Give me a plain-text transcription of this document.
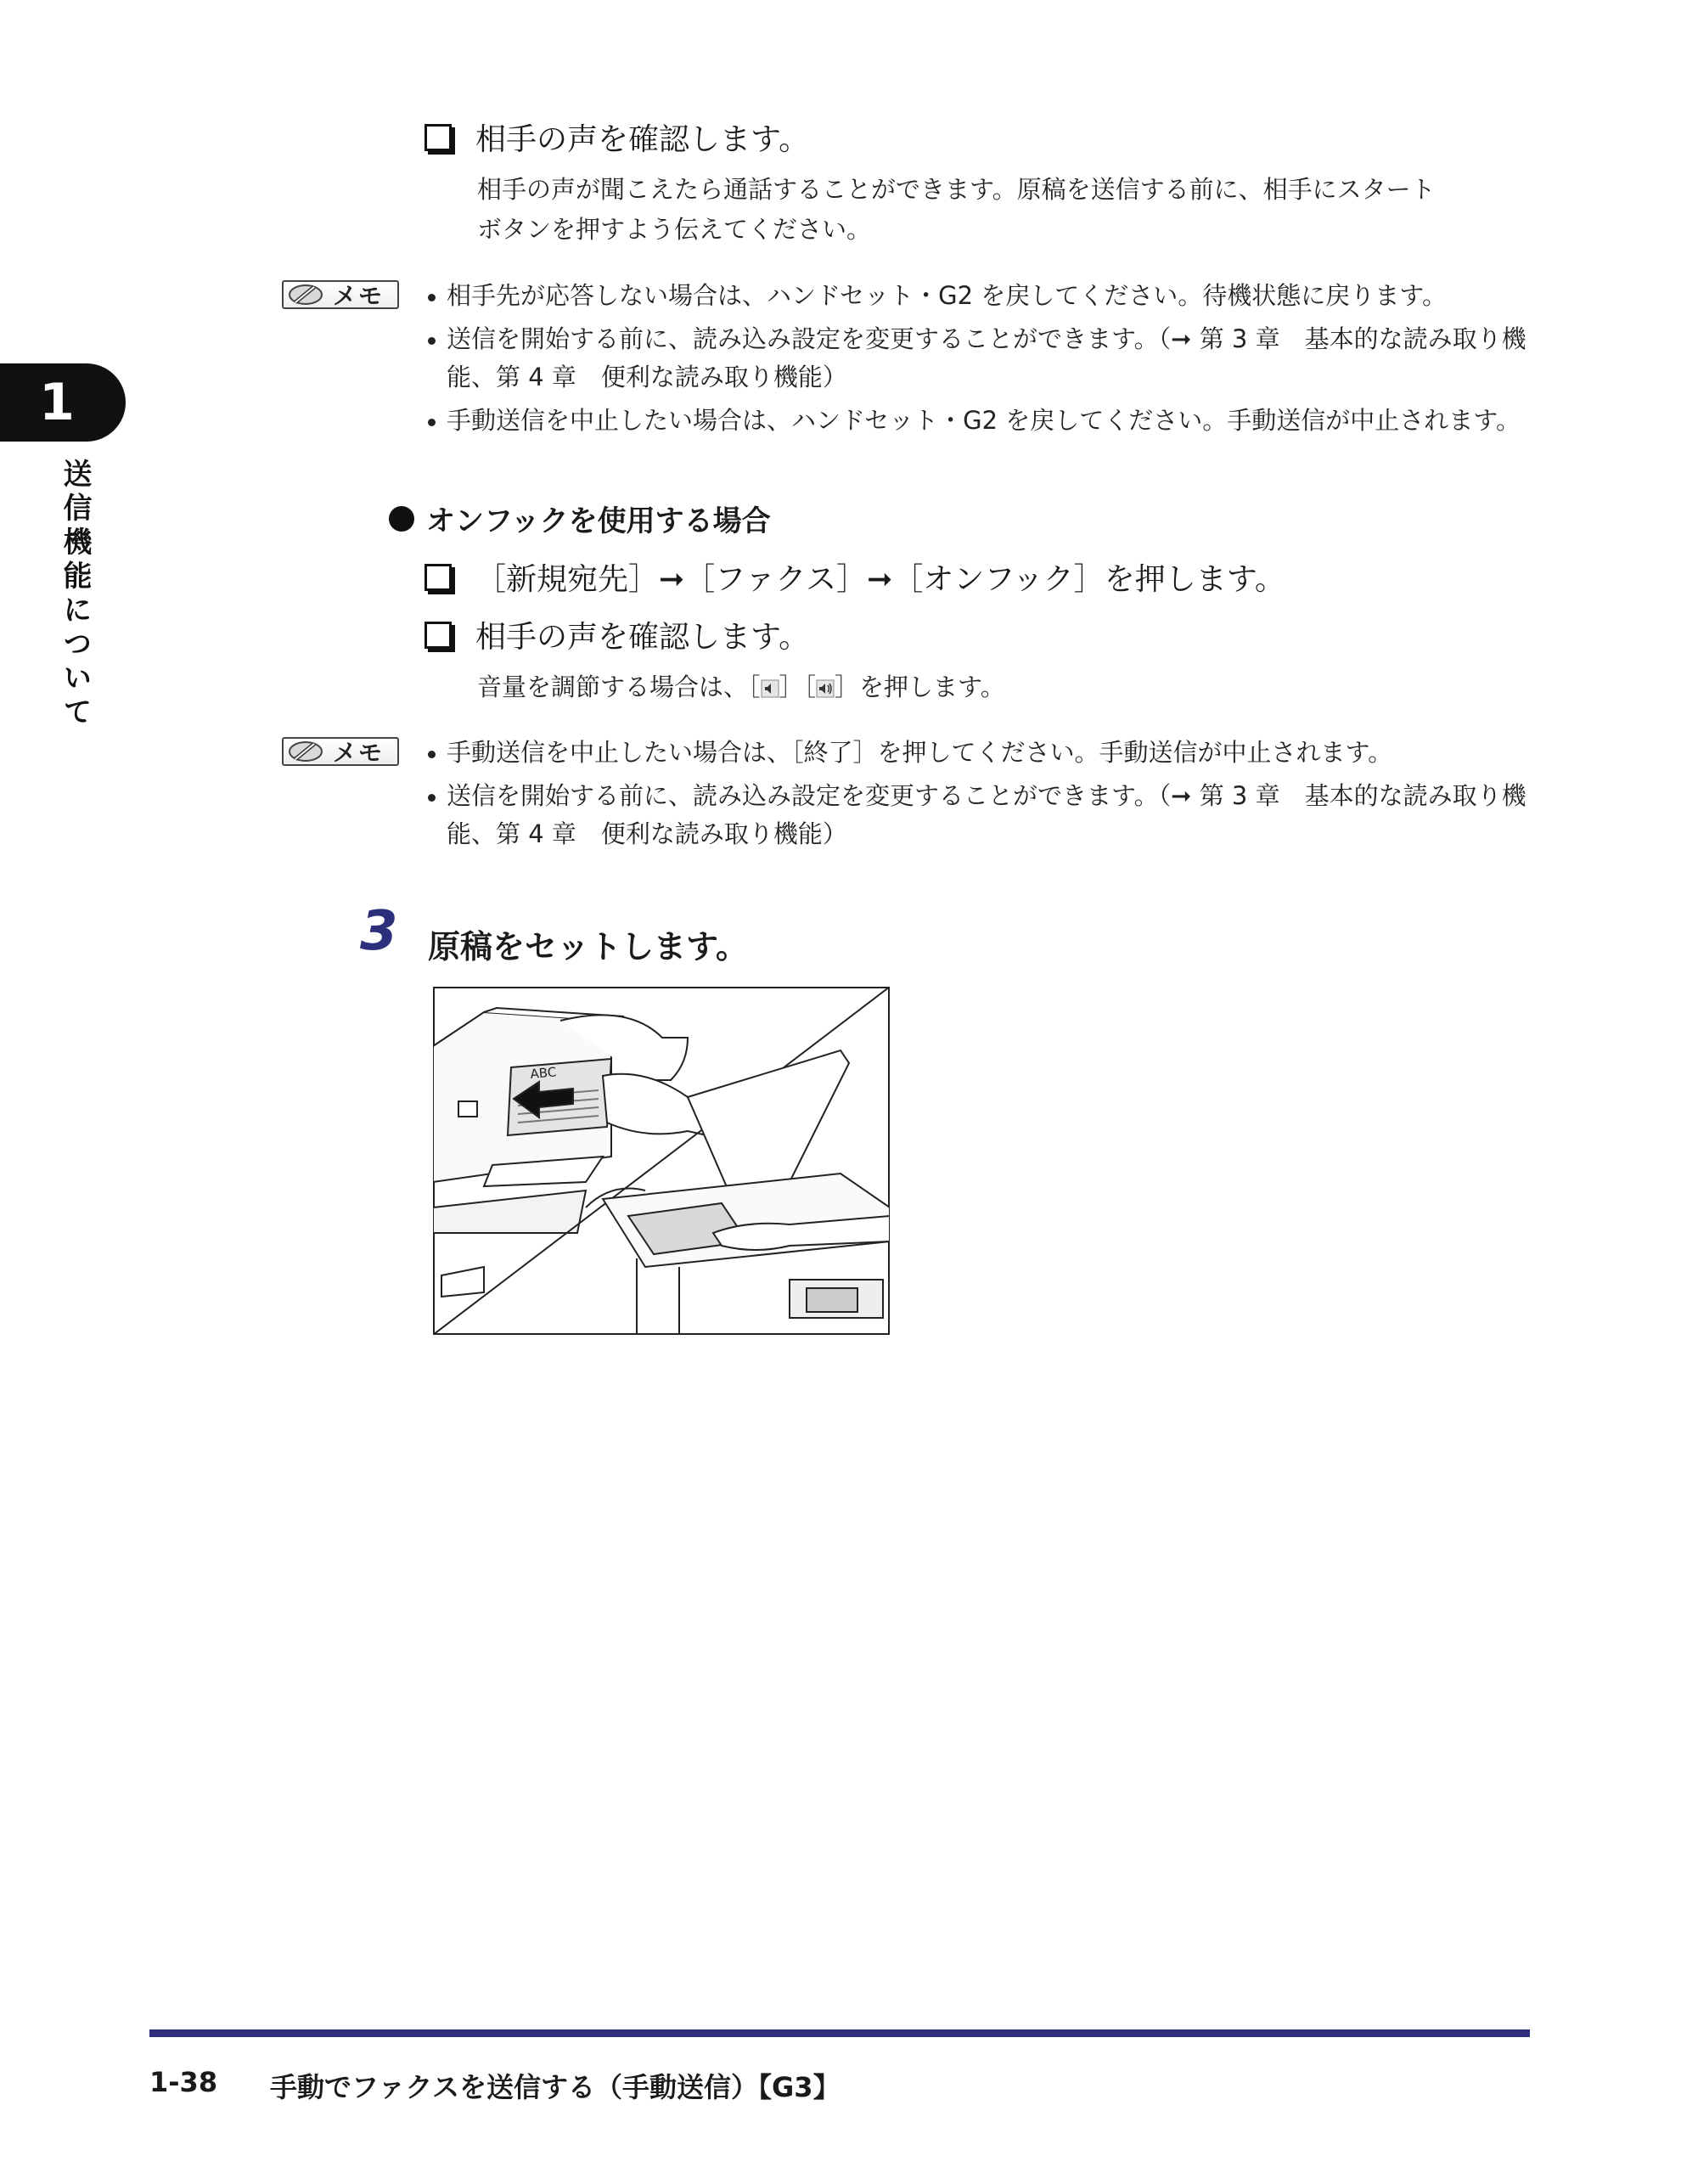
1
送信機能について
相手の声を確認します。
相手の声が聞こえたら通話することができます。原稿を送信する前に、相手にスタート
ボタンを押すよう伝えてください。
メモ	相手先が応答しない場合は、ハンドセット・G2 を戻してください。待機状態に戻ります。
送信を開始する前に、読み込み設定を変更することができます。（➞ 第 3 章　基本的な読み取り機能、第 4 章　便利な読み取り機能）
手動送信を中止したい場合は、ハンドセット・G2 を戻してください。手動送信が中止されます。
オンフックを使用する場合
［新規宛先］➞［ファクス］➞［オンフック］を押します。
相手の声を確認します。
音量を調節する場合は、［ ］［ ］を押します。
メモ	手動送信を中止したい場合は、［終了］を押してください。手動送信が中止されます。
送信を開始する前に、読み込み設定を変更することができます。（➞ 第 3 章　基本的な読み取り機能、第 4 章　便利な読み取り機能）
3 原稿をセットします。
ABC
1-38 手動でファクスを送信する（手動送信）【G3】
